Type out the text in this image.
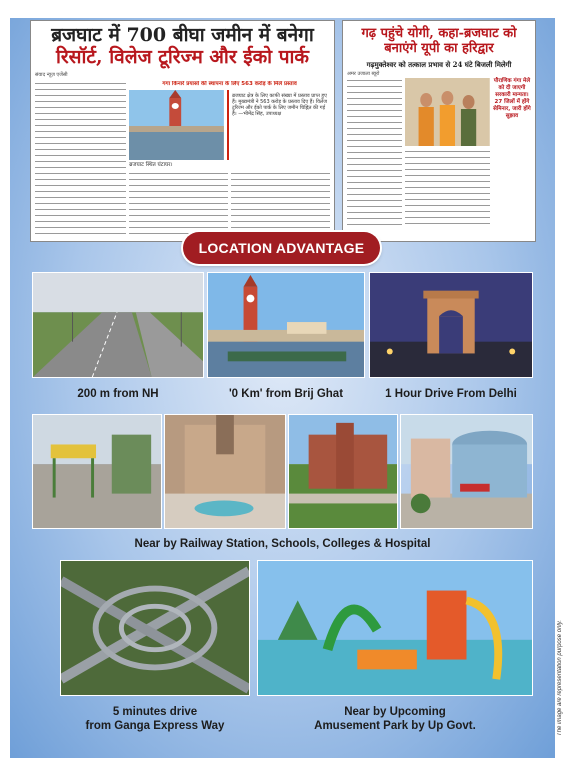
ब्रजघाट में 700 बीघा जमीन में बनेगा
रिसॉर्ट, विलेज टूरिज्म और ईको पार्क
संवाद न्यूज़ एजेंसी
गंगा किनारे प्रयासों की स्थापना के लिए 563 करोड़ के मिले प्रस्ताव
ब्रजघाट क्षेत्र के लिए काफी संख्या में प्रस्ताव प्राप्त हुए हैं। मुख्यमंत्री ने 563 करोड़ के प्रस्ताव दिए हैं। विलेज टूरिज्म और ईको पार्क के लिए जमीन चिह्नित की गई है। —भीमेंद्र सिंह, उपाध्यक्ष
ब्रजघाट स्थित घंटाघर।
गढ़ पहुंचे योगी, कहा-ब्रजघाट को बनाएंगे यूपी का हरिद्वार
गढ़मुक्तेश्वर को तत्काल प्रभाव से 24 घंटे बिजली मिलेगी
अमर उजाला ब्यूरो
पौराणिक गंगा मेले को दी जाएगी सरकारी मान्यता। 27 जिलों में होंगे सेमिनार, जारी होंगे सुझाव
LOCATION ADVANTAGE
200 m from NH	'0 Km' from Brij Ghat	1 Hour Drive From Delhi
Near by Railway Station, Schools, Colleges & Hospital
5 minutes drive
from Ganga Express Way
Near by Upcoming
Amusement Park by Up Govt.	The image are representation purpose only.
